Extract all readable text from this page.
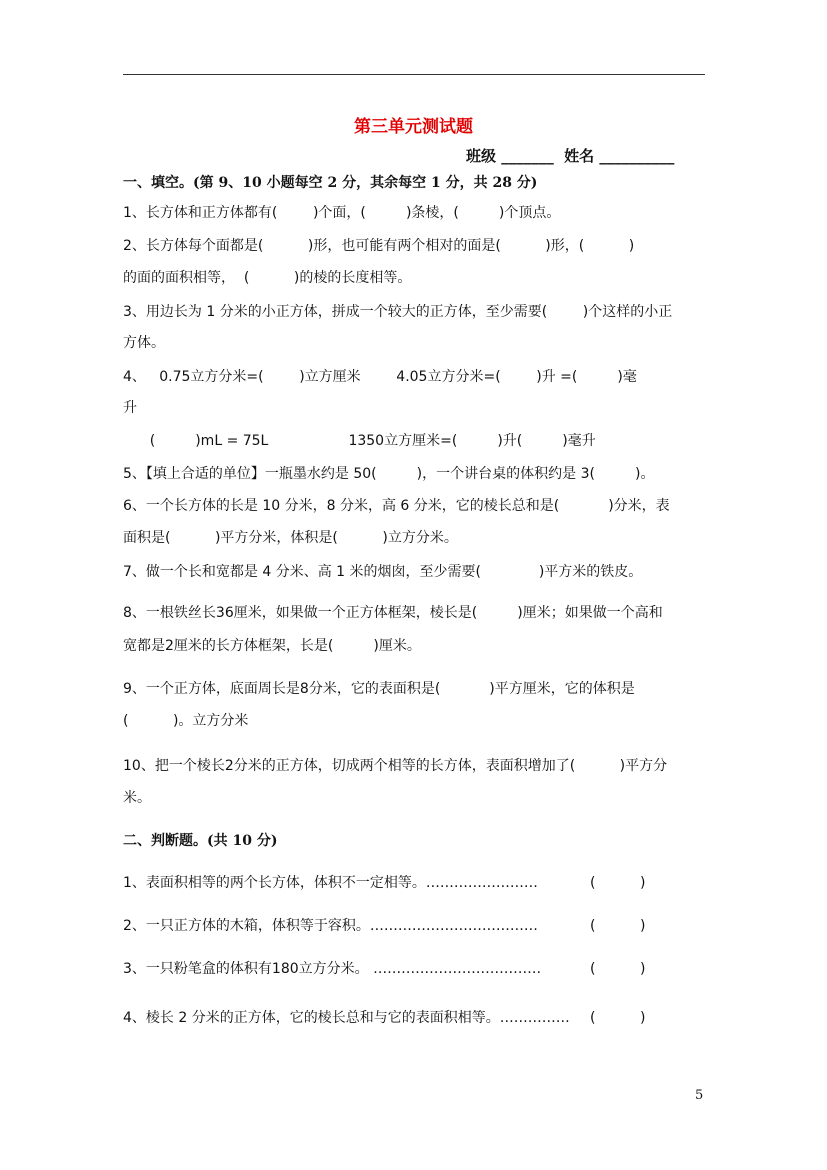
第三单元测试题
班级 _______  姓名 __________
一、填空。(第 9、10 小题每空 2 分，其余每空 1 分，共 28 分)
1、长方体和正方体都有(        )个面，(         )条棱，(         )个顶点。
2、长方体每个面都是(          )形，也可能有两个相对的面是(          )形，(          )
的面的面积相等，  (          )的棱的长度相等。
3、用边长为 1 分米的小正方体，拼成一个较大的正方体，至少需要(        )个这样的小正
方体。
4、   0.75立方分米=(        )立方厘米        4.05立方分米=(        )升 =(         )毫
升
(         )mL = 75L                  1350立方厘米=(         )升(         )毫升
5、【填上合适的单位】一瓶墨水约是 50(         )，一个讲台桌的体积约是 3(         )。
6、一个长方体的长是 10 分米，8 分米，高 6 分米，它的棱长总和是(           )分米，表
面积是(          )平方分米，体积是(          )立方分米。
7、做一个长和宽都是 4 分米、高 1 米的烟囱，至少需要(             )平方米的铁皮。
8、一根铁丝长36厘米，如果做一个正方体框架，棱长是(         )厘米；如果做一个高和
宽都是2厘米的长方体框架，长是(         )厘米。
9、一个正方体，底面周长是8分米，它的表面积是(           )平方厘米，它的体积是
(          )。立方分米
10、把一个棱长2分米的正方体，切成两个相等的长方体，表面积增加了(          )平方分
米。
二、判断题。(共 10 分)
1、表面积相等的两个长方体，体积不一定相等。……………………	(          )
2、一只正方体的木箱，体积等于容积。………………………………	(          )
3、一只粉笔盒的体积有180立方分米。 ………………………………	(          )
4、棱长 2 分米的正方体，它的棱长总和与它的表面积相等。…………… (          )
5
